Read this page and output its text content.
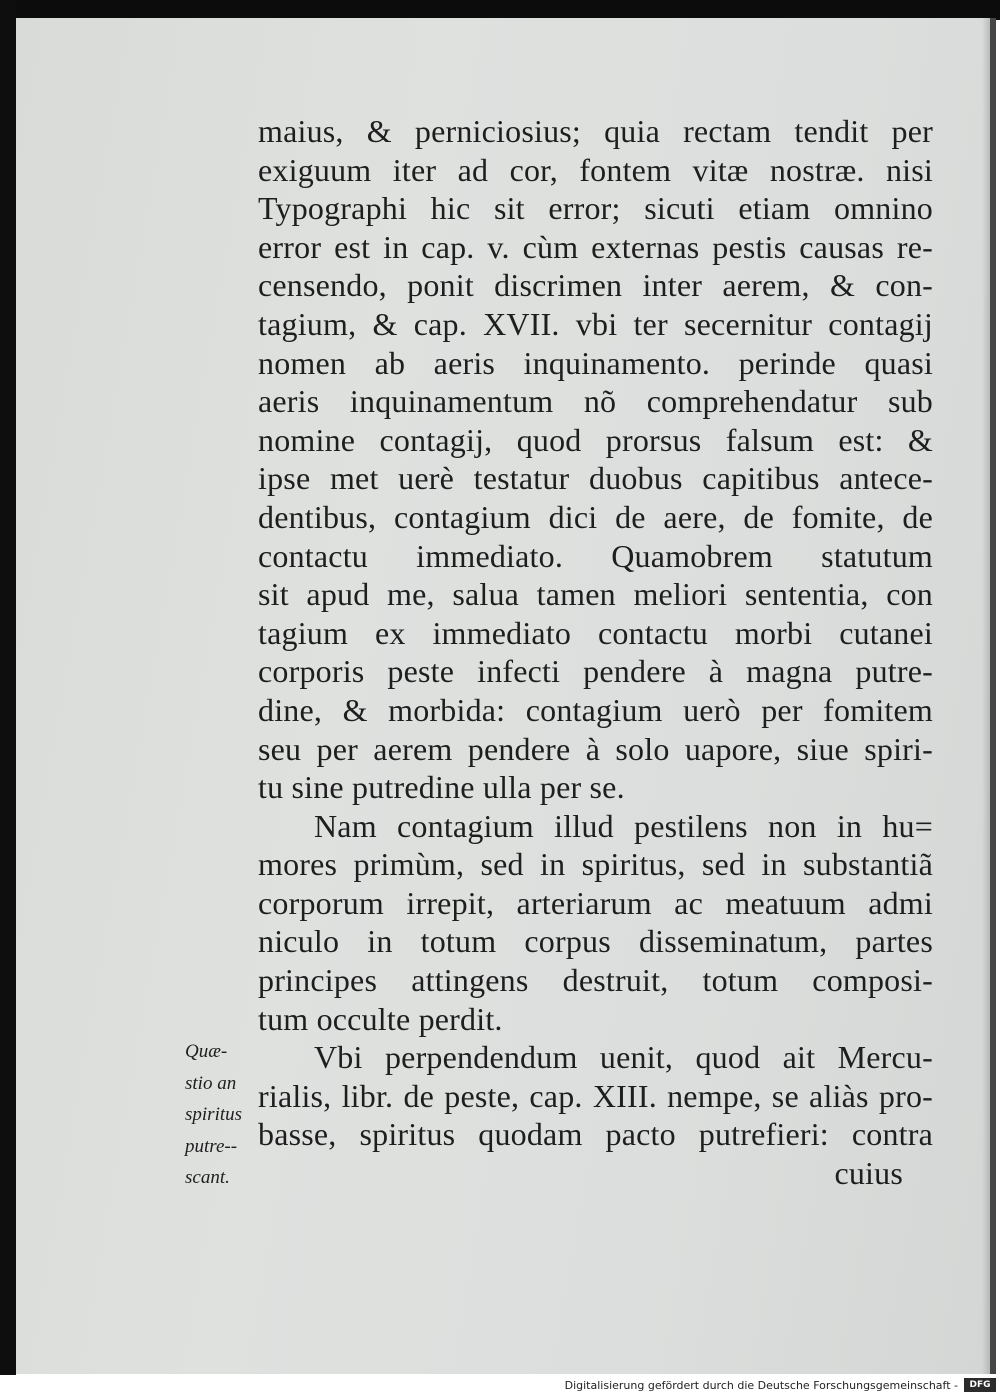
maius, & perniciosius; quia rectam tendit per
exiguum iter ad cor, fontem vitæ nostræ. nisi
Typographi hic sit error; sicuti etiam omnino
error est in cap. v. cùm externas pestis causas re-
censendo, ponit discrimen inter aerem, & con-
tagium, & cap. XVII. vbi ter secernitur contagij
nomen ab aeris inquinamento. perinde quasi
aeris inquinamentum nõ comprehendatur sub
nomine contagij, quod prorsus falsum est: &
ipse met uerè testatur duobus capitibus antece-
dentibus, contagium dici de aere, de fomite, de
contactu immediato. Quamobrem statutum
sit apud me, salua tamen meliori sententia, con
tagium ex immediato contactu morbi cutanei
corporis peste infecti pendere à magna putre-
dine, & morbida: contagium uerò per fomitem
seu per aerem pendere à solo uapore, siue spiri-
tu sine putredine ulla per se.
Nam contagium illud pestilens non in hu=
mores primùm, sed in spiritus, sed in substantiã
corporum irrepit, arteriarum ac meatuum admi
niculo in totum corpus disseminatum, partes
principes attingens destruit, totum composi-
tum occulte perdit.
Vbi perpendendum uenit, quod ait Mercu-
rialis, libr. de peste, cap. XIII. nempe, se aliàs pro-
basse, spiritus quodam pacto putrefieri: contra
cuius
Quæ-
stio an
spiritus
putre--
scant.
Digitalisierung gefördert durch die Deutsche Forschungsgemeinschaft -	DFG
